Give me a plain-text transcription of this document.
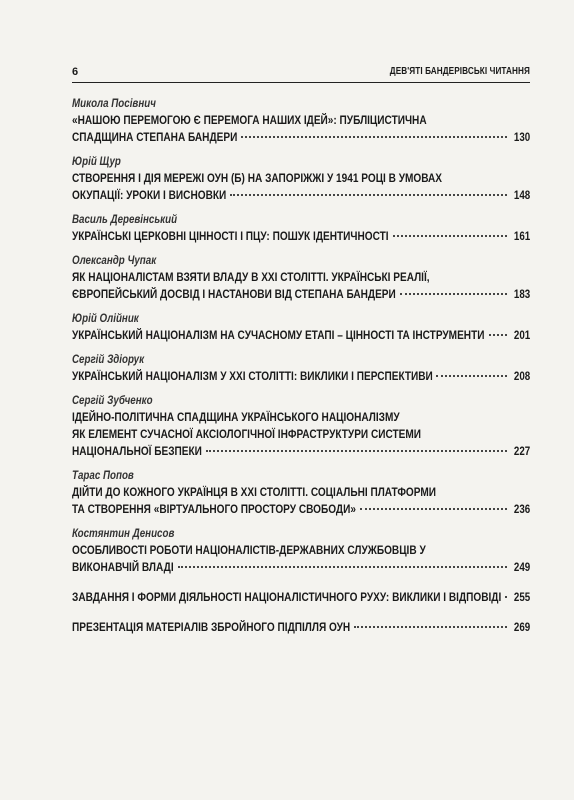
6	ДЕВ'ЯТІ БАНДЕРІВСЬКІ ЧИТАННЯ
Микола Посівнич
«НАШОЮ ПЕРЕМОГОЮ Є ПЕРЕМОГА НАШИХ ІДЕЙ»: ПУБЛІЦИСТИЧНА
СПАДЩИНА СТЕПАНА БАНДЕРИ	130
Юрій Щур
СТВОРЕННЯ І ДІЯ МЕРЕЖІ ОУН (Б) НА ЗАПОРІЖЖІ У 1941 РОЦІ В УМОВАХ
ОКУПАЦІЇ: УРОКИ І ВИСНОВКИ	148
Василь Деревінський
УКРАЇНСЬКІ ЦЕРКОВНІ ЦІННОСТІ І ПЦУ: ПОШУК ІДЕНТИЧНОСТІ	161
Олександр Чупак
ЯК НАЦІОНАЛІСТАМ ВЗЯТИ ВЛАДУ В ХХІ СТОЛІТТІ. УКРАЇНСЬКІ РЕАЛІЇ,
ЄВРОПЕЙСЬКИЙ ДОСВІД І НАСТАНОВИ ВІД СТЕПАНА БАНДЕРИ	183
Юрій Олійник
УКРАЇНСЬКИЙ НАЦІОНАЛІЗМ НА СУЧАСНОМУ ЕТАПІ – ЦІННОСТІ ТА ІНСТРУМЕНТИ	201
Сергій Здіорук
УКРАЇНСЬКИЙ НАЦІОНАЛІЗМ У ХХІ СТОЛІТТІ: ВИКЛИКИ І ПЕРСПЕКТИВИ	208
Сергій Зубченко
ІДЕЙНО-ПОЛІТИЧНА СПАДЩИНА УКРАЇНСЬКОГО НАЦІОНАЛІЗМУ
ЯК ЕЛЕМЕНТ СУЧАСНОЇ АКСІОЛОГІЧНОЇ ІНФРАСТРУКТУРИ СИСТЕМИ
НАЦІОНАЛЬНОЇ БЕЗПЕКИ	227
Тарас Попов
ДІЙТИ ДО КОЖНОГО УКРАЇНЦЯ В ХХІ СТОЛІТТІ. СОЦІАЛЬНІ ПЛАТФОРМИ
ТА СТВОРЕННЯ «ВІРТУАЛЬНОГО ПРОСТОРУ СВОБОДИ»	236
Костянтин Денисов
ОСОБЛИВОСТІ РОБОТИ НАЦІОНАЛІСТІВ-ДЕРЖАВНИХ СЛУЖБОВЦІВ У
ВИКОНАВЧІЙ ВЛАДІ	249
ЗАВДАННЯ І ФОРМИ ДІЯЛЬНОСТІ НАЦІОНАЛІСТИЧНОГО РУХУ: ВИКЛИКИ І ВІДПОВІДІ 255
ПРЕЗЕНТАЦІЯ МАТЕРІАЛІВ ЗБРОЙНОГО ПІДПІЛЛЯ ОУН	269
